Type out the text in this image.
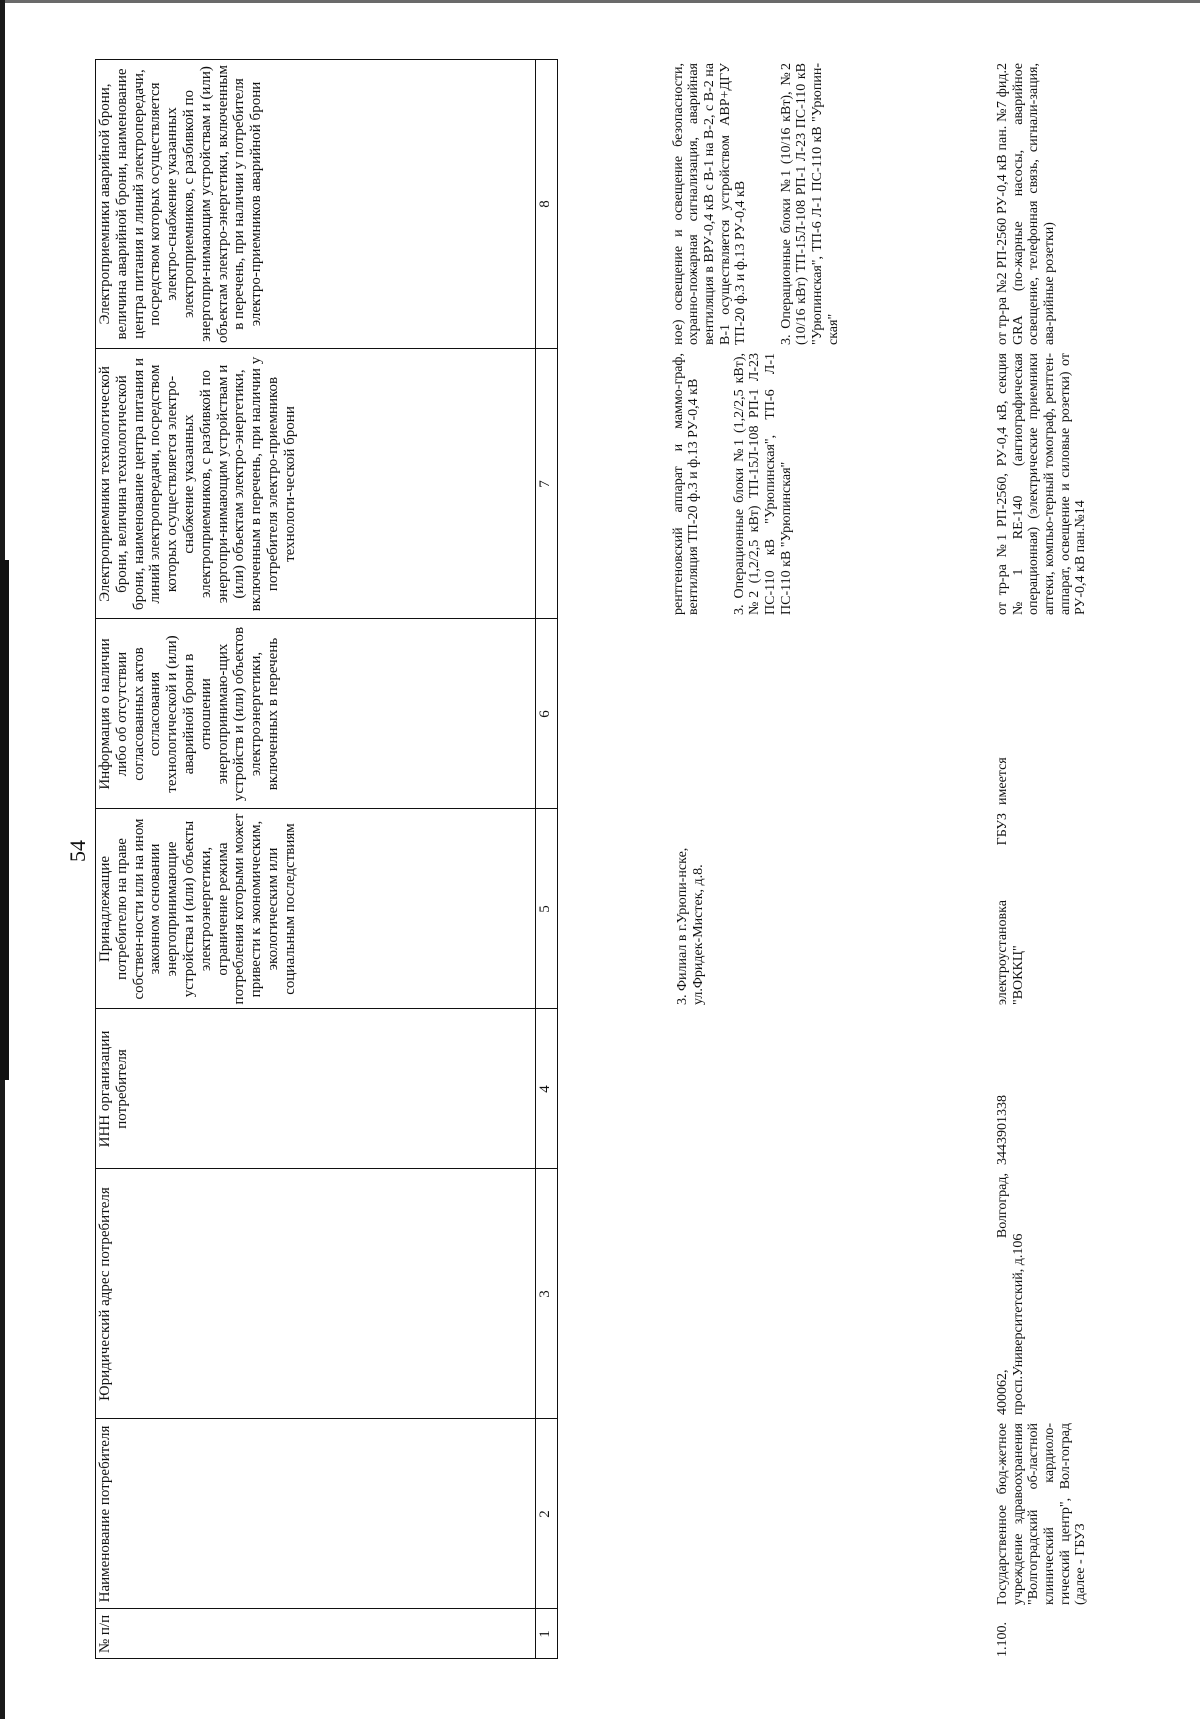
54
№ п/п
Наименование потребителя
Юридический адрес потребителя
ИНН организации потребителя
Принадлежащие потребителю на праве собствен-ности или на ином законном основании энергопринимающие устройства и (или) объекты электроэнергетики, ограничение режима потребления которыми может привести к экономическим, экологическим или социальным последствиям
Информация о наличии либо об отсутствии согласованных актов согласования технологической и (или) аварийной брони в отношении энергопринимаю-щих устройств и (или) объектов электроэнергетики, включенных в перечень
Электроприемники технологической брони, величина технологической брони, наименование центра питания и линий электропередачи, посредством которых осуществляется электро-снабжение указанных электроприемников, с разбивкой по энергопри-нимающим устройствам и (или) объектам электро-энергетики, включенным в перечень, при наличии у потребителя электро-приемников технологи-ческой брони
Электроприемники аварийной брони, величина аварийной брони, наименование центра питания и линий электропередачи, посредством которых осуществляется электро-снабжение указанных электроприемников, с разбивкой по энергопри-нимающим устройствам и (или) объектам электро-энергетики, включенным в перечень, при наличии у потребителя электро-приемников аварийной брони
1
2
3
4
5
6
7
8
3. Филиал в г.Урюпи-нске, ул.Фридек-Мистек, д.8.

рентгеновский аппарат и маммо-граф, вентиляция ТП-20 ф.3 и ф.13 РУ-0,4 кВ 3. Операционные блоки №1 (1,2/2,5 кВт), №2 (1,2/2,5 кВт) ТП-15Л-108 РП-1 Л-23 ПС-110 кВ "Урюпинская", ТП-6 Л-1 ПС-110 кВ "Урюпинская"

ное) освещение и освещение безопасности, охранно-пожарная сигнализация, аварийная вентиляция в ВРУ-0,4 кВ с В-1 на В-2, с В-2 на В-1 осуществляется устройством АВР+ДГУ ТП-20 ф.3 и ф.13 РУ-0,4 кВ 3. Операционные блоки №1 (10/16 кВт), №2 (10/16 кВт) ТП-15Л-108 РП-1 Л-23 ПС-110 кВ "Урюпинская", ТП-6 Л-1 ПС-110 кВ "Урюпин-ская"

1.100.
Государственное бюд-жетное учреждение здравоохранения "Волгоградский об-ластной клинический кардиоло-гический центр", Вол-гоград (далее - ГБУЗ
400062, Волгоград, просп.Университетский, д.106
3443901338
электроустановка ГБУЗ "ВОККЦ"
имеется
от тр-ра №1 РП-2560, РУ-0,4 кВ, секция №1 RE-140 (ангиографическая операционная) (электрические приемники аптеки, компью-терный томограф, рентген-аппарат, освещение и силовые розетки) от РУ-0,4 кВ пан.№14
от тр-ра №2 РП-2560 РУ-0,4 кВ пан. №7 фид.2 GRA (по-жарные насосы, аварийное освещение, телефонная связь, сигнали-зация, ава-рийные розетки)
